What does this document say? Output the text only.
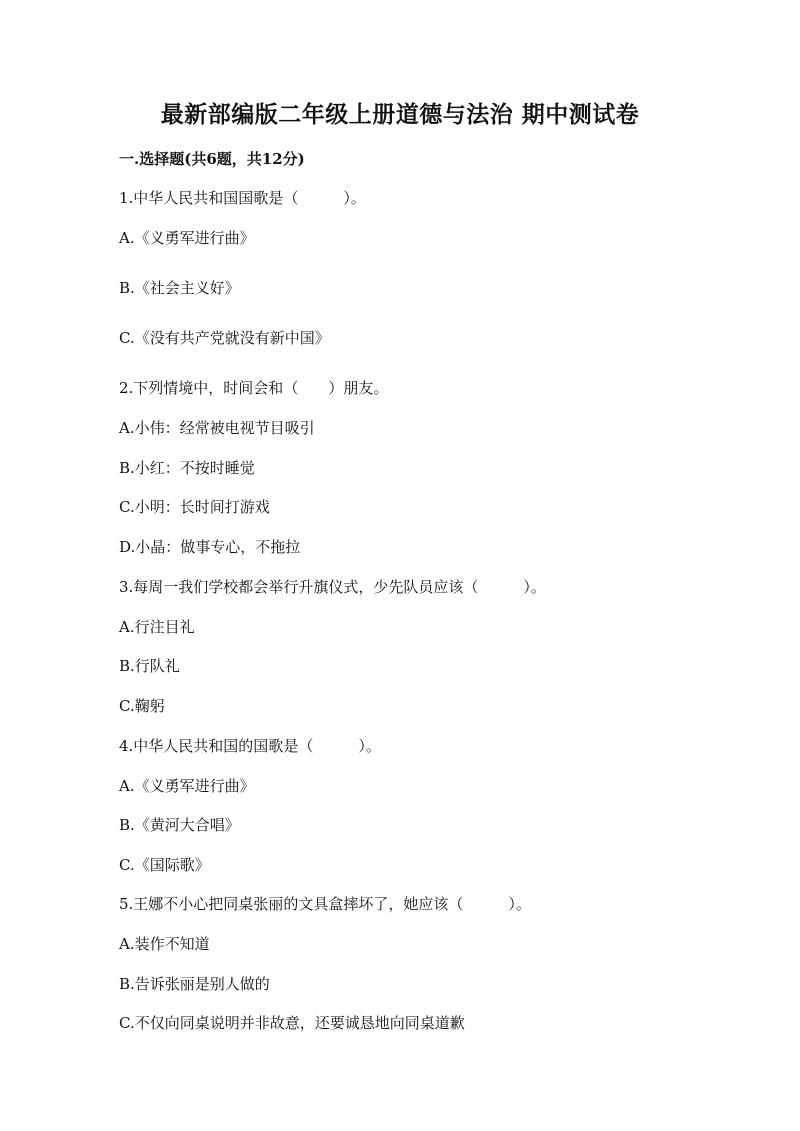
最新部编版二年级上册道德与法治 期中测试卷
一.选择题(共6题，共12分)
1.中华人民共和国国歌是（　　　）。
A.《义勇军进行曲》
B.《社会主义好》
C.《没有共产党就没有新中国》
2.下列情境中，时间会和（　　）朋友。
A.小伟：经常被电视节目吸引
B.小红：不按时睡觉
C.小明：长时间打游戏
D.小晶：做事专心，不拖拉
3.每周一我们学校都会举行升旗仪式，少先队员应该（　　　）。
A.行注目礼
B.行队礼
C.鞠躬
4.中华人民共和国的国歌是（　　　）。
A.《义勇军进行曲》
B.《黄河大合唱》
C.《国际歌》
5.王娜不小心把同桌张丽的文具盒摔坏了，她应该（　　　）。
A.装作不知道
B.告诉张丽是别人做的
C.不仅向同桌说明并非故意，还要诚恳地向同桌道歉
